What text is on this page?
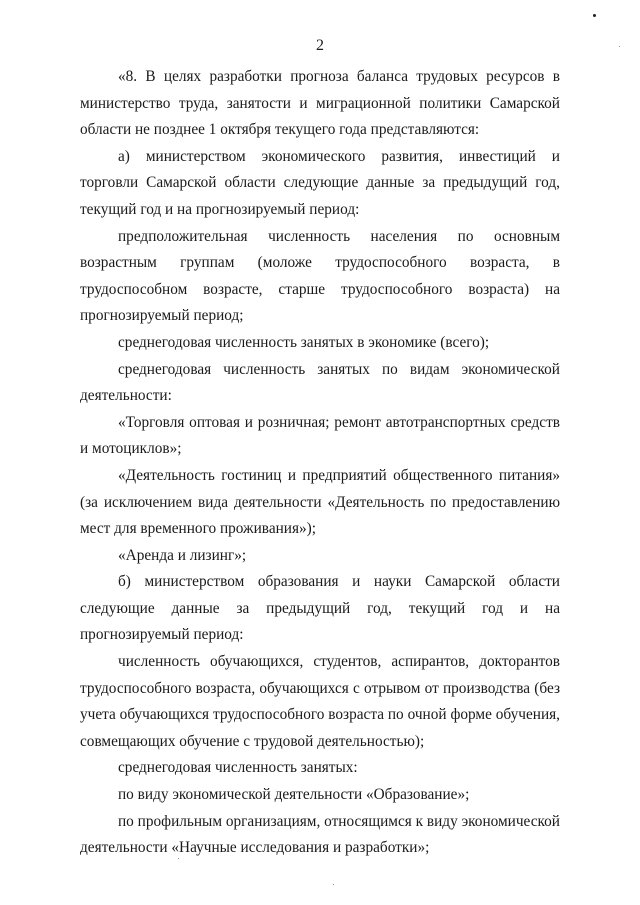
2

«8. В целях разработки прогноза баланса трудовых ресурсов в министерство труда, занятости и миграционной политики Самарской области не позднее 1 октября текущего года представляются:

а) министерством экономического развития, инвестиций и торговли Самарской области следующие данные за предыдущий год, текущий год и на прогнозируемый период:

предположительная численность населения по основным возрастным группам (моложе трудоспособного возраста, в трудоспособном возрасте, старше трудоспособного возраста) на прогнозируемый период;

среднегодовая численность занятых в экономике (всего);

среднегодовая численность занятых по видам экономической деятельности:

«Торговля оптовая и розничная; ремонт автотранспортных средств и мотоциклов»;

«Деятельность гостиниц и предприятий общественного питания» (за исключением вида деятельности «Деятельность по предоставлению мест для временного проживания»);

«Аренда и лизинг»;

б) министерством образования и науки Самарской области следующие данные за предыдущий год, текущий год и на прогнозируемый период:

численность обучающихся, студентов, аспирантов, докторантов трудоспособного возраста, обучающихся с отрывом от производства (без учета обучающихся трудоспособного возраста по очной форме обучения, совмещающих обучение с трудовой деятельностью);

среднегодовая численность занятых:

по виду экономической деятельности «Образование»;

по профильным организациям, относящимся к виду экономической деятельности «Научные исследования и разработки»;
